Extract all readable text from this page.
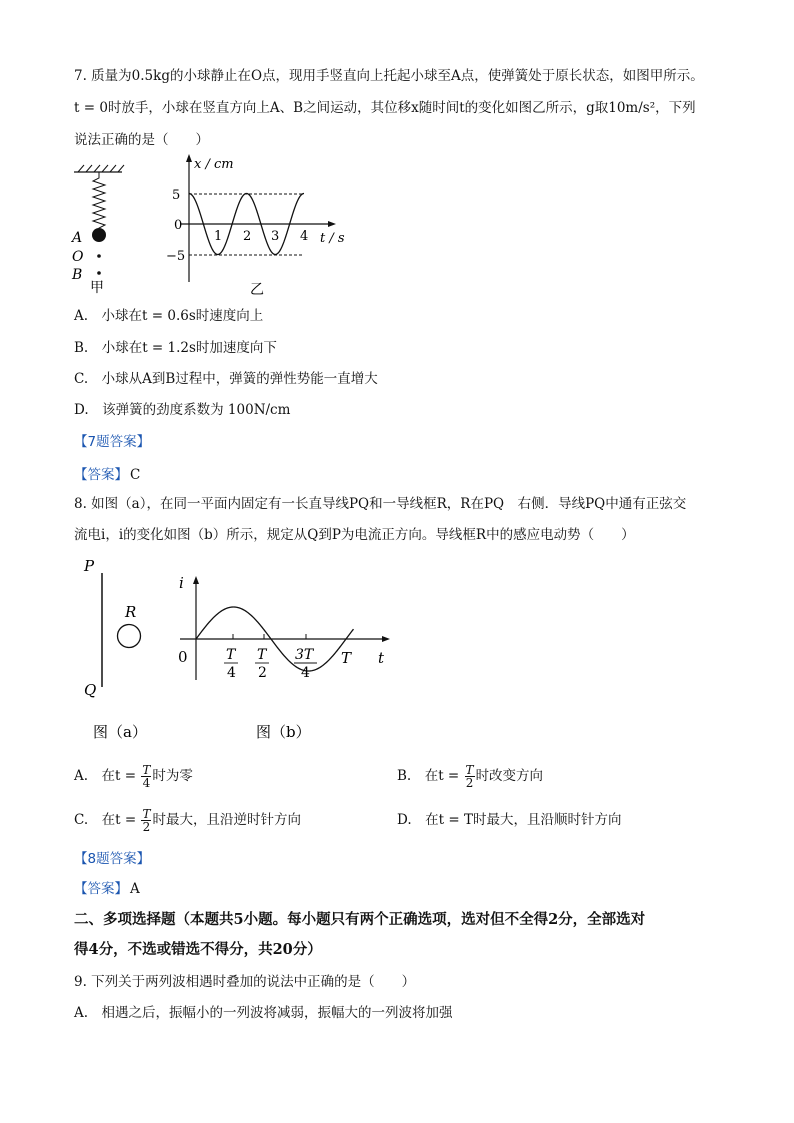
7. 质量为0.5kg的小球静止在O点，现用手竖直向上托起小球至A点，使弹簧处于原长状态，如图甲所示。
t = 0时放手，小球在竖直方向上A、B之间运动，其位移x随时间t的变化如图乙所示，g取10m/s²，下列
说法正确的是（　　）
A
O
B
甲
x / cm
t / s
5
0
−5
1 2 3 4
乙
A.　小球在t = 0.6s时速度向上
B.　小球在t = 1.2s时加速度向下
C.　小球从A到B过程中，弹簧的弹性势能一直增大
D.　该弹簧的劲度系数为 100N/cm
【7题答案】
【答案】 C
8. 如图（a），在同一平面内固定有一长直导线PQ和一导线框R，R在PQ　右侧．导线PQ中通有正弦交
流电i，i的变化如图（b）所示，规定从Q到P为电流正方向。导线框R中的感应电动势（　　）
P
Q
R
图（a）
i
t
0	T
4
T
2
3T
4
T
图（b）
A.　在$t = \frac{T}{4}$ 时为零	B.　在$t = \frac{T}{2}$ 时改变方向
C.　在$t = \frac{T}{2}$ 时最大，且沿逆时针方向	D.　在t = T时最大，且沿顺时针方向
【8题答案】
【答案】 A
二、多项选择题（本题共5小题。每小题只有两个正确选项，选对但不全得2分，全部选对
得4分，不选或错选不得分，共20分）
9. 下列关于两列波相遇时叠加的说法中正确的是（　　）
A.　相遇之后，振幅小的一列波将减弱，振幅大的一列波将加强
